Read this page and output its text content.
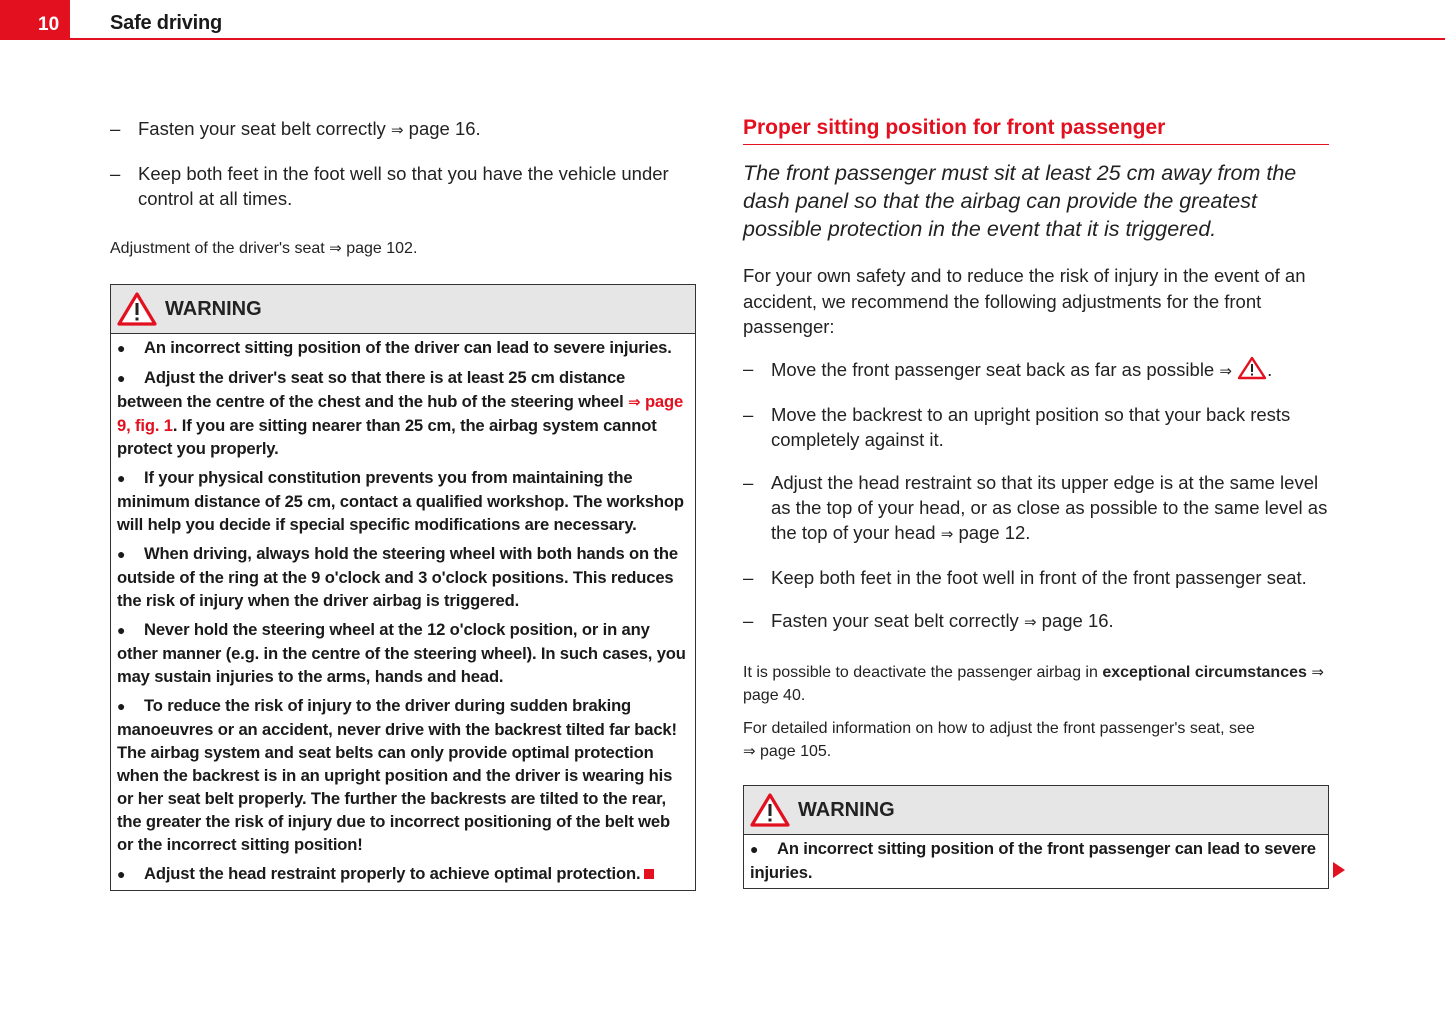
10	Safe driving
– Fasten your seat belt correctly ⇒ page 16.
– Keep both feet in the foot well so that you have the vehicle under control at all times.
Adjustment of the driver's seat ⇒ page 102.
WARNING

● An incorrect sitting position of the driver can lead to severe injuries.

● Adjust the driver's seat so that there is at least 25 cm distance between the centre of the chest and the hub of the steering wheel ⇒ page 9, fig. 1. If you are sitting nearer than 25 cm, the airbag system cannot protect you properly.

● If your physical constitution prevents you from maintaining the minimum distance of 25 cm, contact a qualified workshop. The workshop will help you decide if special specific modifications are necessary.

● When driving, always hold the steering wheel with both hands on the outside of the ring at the 9 o'clock and 3 o'clock positions. This reduces the risk of injury when the driver airbag is triggered.

● Never hold the steering wheel at the 12 o'clock position, or in any other manner (e.g. in the centre of the steering wheel). In such cases, you may sustain injuries to the arms, hands and head.

● To reduce the risk of injury to the driver during sudden braking manoeuvres or an accident, never drive with the backrest tilted far back! The airbag system and seat belts can only provide optimal protection when the backrest is in an upright position and the driver is wearing his or her seat belt properly. The further the backrests are tilted to the rear, the greater the risk of injury due to incorrect positioning of the belt web or the incorrect sitting position!

● Adjust the head restraint properly to achieve optimal protection.

Proper sitting position for front passenger
The front passenger must sit at least 25 cm away from the dash panel so that the airbag can provide the greatest possible protection in the event that it is triggered.
For your own safety and to reduce the risk of injury in the event of an accident, we recommend the following adjustments for the front passenger:
– Move the front passenger seat back as far as possible ⇒ .
– Move the backrest to an upright position so that your back rests completely against it.
– Adjust the head restraint so that its upper edge is at the same level as the top of your head, or as close as possible to the same level as the top of your head ⇒ page 12.
– Keep both feet in the foot well in front of the front passenger seat.
– Fasten your seat belt correctly ⇒ page 16.
It is possible to deactivate the passenger airbag in exceptional circumstances ⇒ page 40.
For detailed information on how to adjust the front passenger's seat, see
⇒ page 105.
WARNING

● An incorrect sitting position of the front passenger can lead to severe injuries.
